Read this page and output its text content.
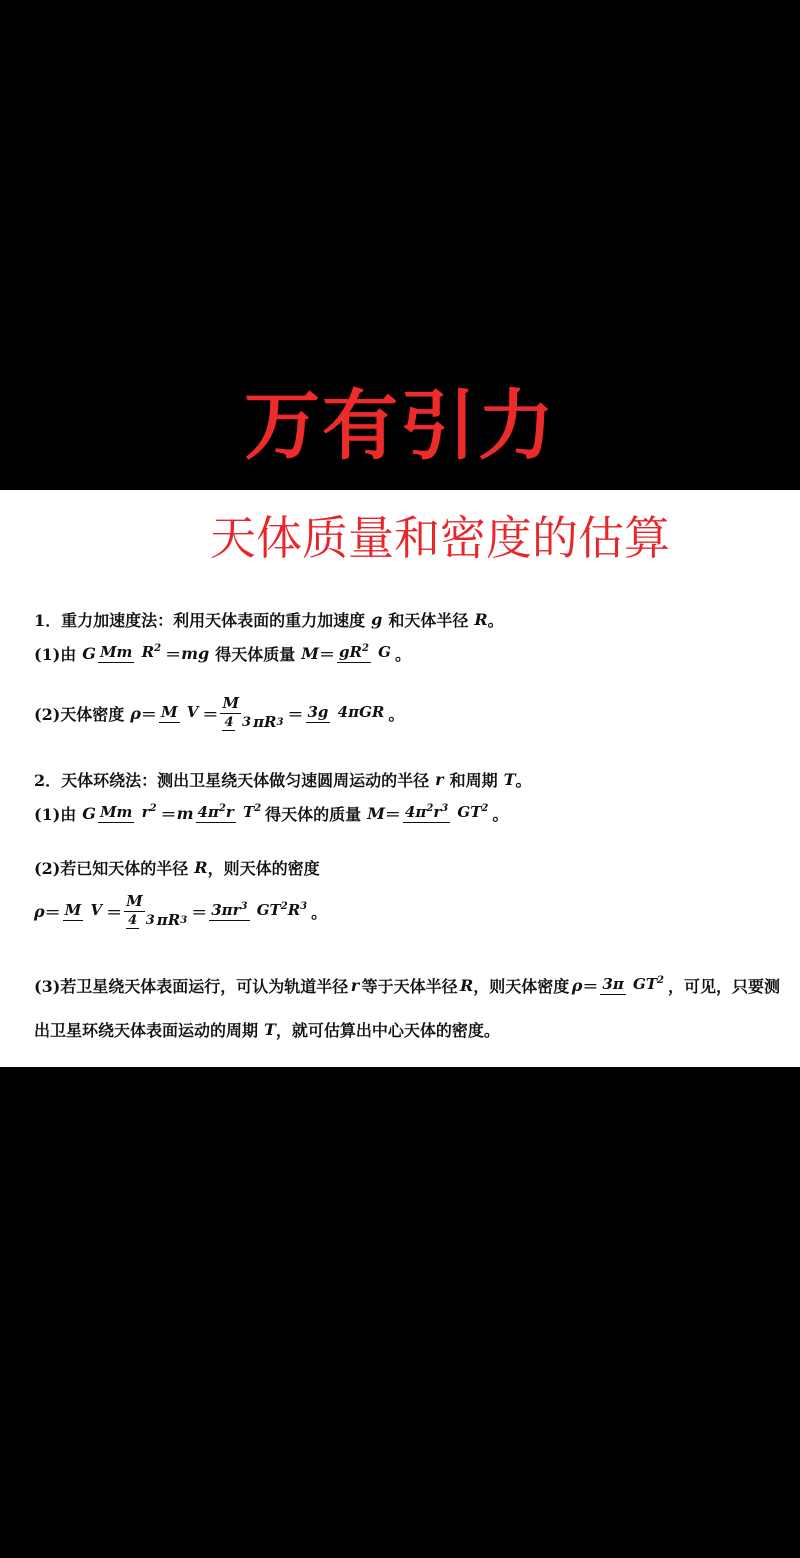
万有引力
天体质量和密度的估算
1． 重力加速度法：利用天体表面的重力加速度 g 和天体半径 R 。
(1)由 G Mm $R^2$ ＝ mg 得天体质量 $M = gR^2$ G 。
(2)天体密度 ρ ＝ M $V = \frac{M}{4 3 \pi R 3} = 3g$ 4πGR 。
2． 天体环绕法：测出卫星绕天体做匀速圆周运动的半径 r 和周期 T 。
(1)由 G Mm $r^2 = m$ $4\pi^2r$ $T^2$ 得天体的质量 $M = 4\pi^2r^3$ $GT^2$ 。
(2)若已知天体的半径 R ，则天体的密度
ρ ＝ M $V = \frac{M}{4 3 \pi R 3} = 3\pi r^3$ $GT^2R^3$ 。
(3)若卫星绕天体表面运行，可认为轨道半径 r 等于天体半径 R ，则天体密度 ρ ＝ 3π $GT^2$ ，可见，只要测
出卫星环绕天体表面运动的周期 T ，就可估算出中心天体的密度。
